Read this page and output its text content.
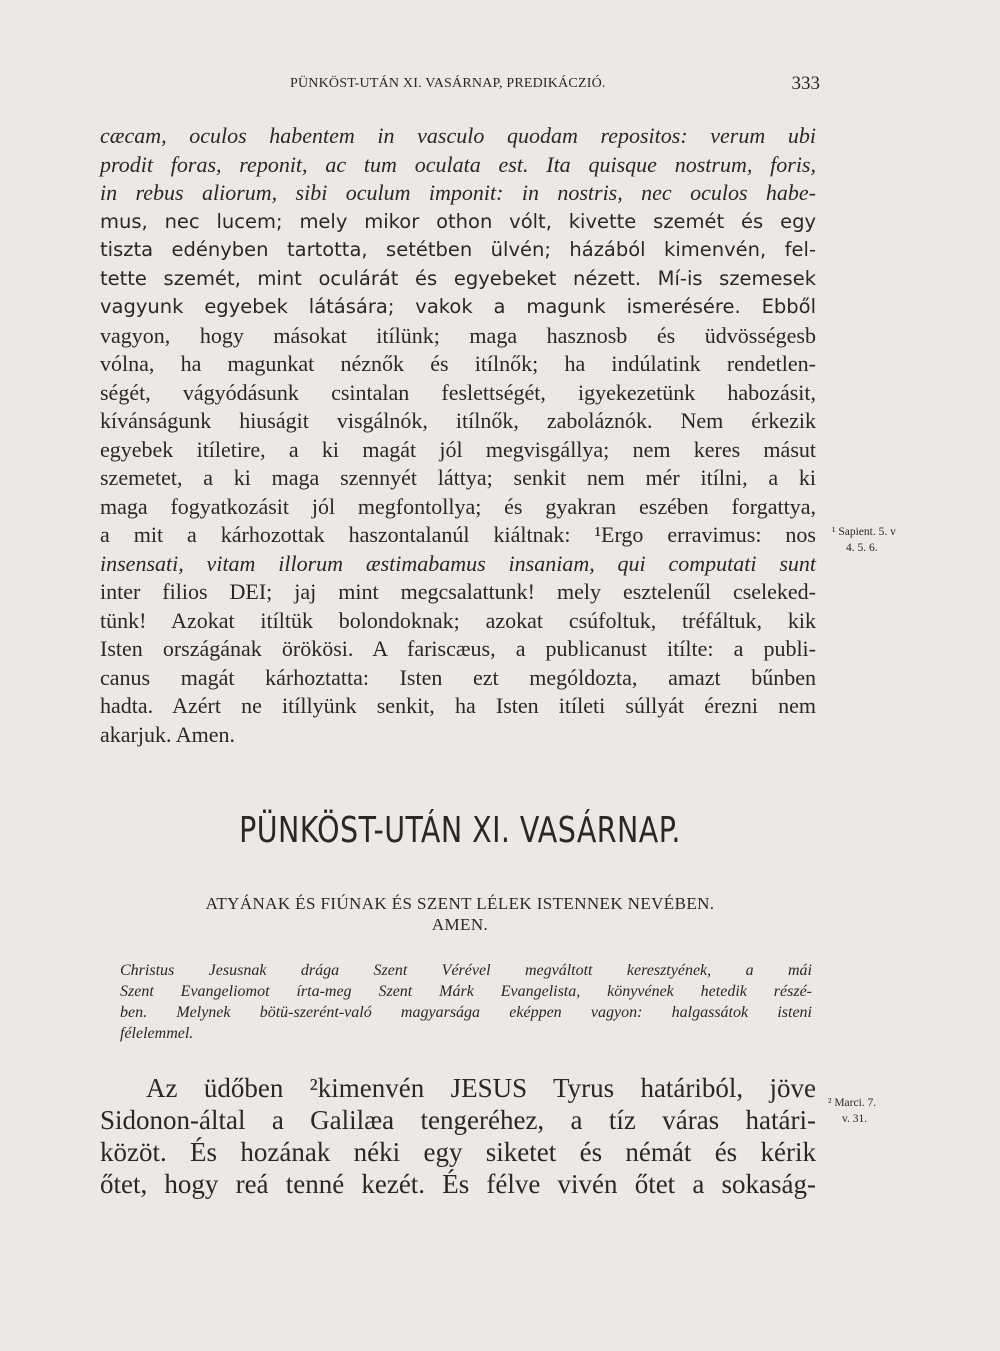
PÜNKÖST-UTÁN XI. VASÁRNAP, PREDIKÁCZIÓ.	333
cæcam, oculos habentem in vasculo quodam repositos: verum ubi
prodit foras, reponit, ac tum oculata est. Ita quisque nostrum, foris,
in rebus aliorum, sibi oculum imponit: in nostris, nec oculos habe-
mus, nec lucem; mely mikor othon vólt, kivette szemét és egy
tiszta edényben tartotta, setétben ülvén; házából kimenvén, fel-
tette szemét, mint oculárát és egyebeket nézett. Mí-is szemesek
vagyunk egyebek látására; vakok a magunk ismerésére. Ebből
vagyon, hogy másokat itílünk; maga hasznosb és üdvösségesb
vólna, ha magunkat néznők és itílnők; ha indúlatink rendetlen-
ségét, vágyódásunk csintalan feslettségét, igyekezetünk habozásit,
kívánságunk hiuságit visgálnók, itílnők, zaboláznók. Nem érkezik
egyebek itíletire, a ki magát jól megvisgállya; nem keres másut
szemetet, a ki maga szennyét láttya; senkit nem mér itílni, a ki
maga fogyatkozásit jól megfontollya; és gyakran eszében forgattya,
a mit a kárhozottak haszontalanúl kiáltnak: ¹Ergo erravimus: nos
insensati, vitam illorum æstimabamus insaniam, qui computati sunt
inter filios DEI; jaj mint megcsalattunk! mely esztelenűl cseleked-
tünk! Azokat itíltük bolondoknak; azokat csúfoltuk, tréfáltuk, kik
Isten országának örökösi. A fariscæus, a publicanust itílte: a publi-
canus magát kárhoztatta: Isten ezt mególdozta, amazt bűnben
hadta. Azért ne itíllyünk senkit, ha Isten itíleti súllyát érezni nem
akarjuk. Amen.
¹ Sapient. 5. v
4. 5. 6.
PÜNKÖST-UTÁN XI. VASÁRNAP.
ATYÁNAK ÉS FIÚNAK ÉS SZENT LÉLEK ISTENNEK NEVÉBEN.
AMEN.
Christus Jesusnak drága Szent Vérével megváltott keresztyének, a mái
Szent Evangeliomot írta-meg Szent Márk Evangelista, könyvének hetedik részé-
ben. Melynek bötü-szerént-való magyarsága eképpen vagyon: halgassátok isteni
félelemmel.
Az üdőben ²kimenvén JESUS Tyrus határiból, jöve
Sidonon-által a Galilæa tengeréhez, a tíz váras határi-
közöt. És hozának néki egy siketet és némát és kérik
őtet, hogy reá tenné kezét. És félve vivén őtet a sokaság-
² Marci. 7.
v. 31.
